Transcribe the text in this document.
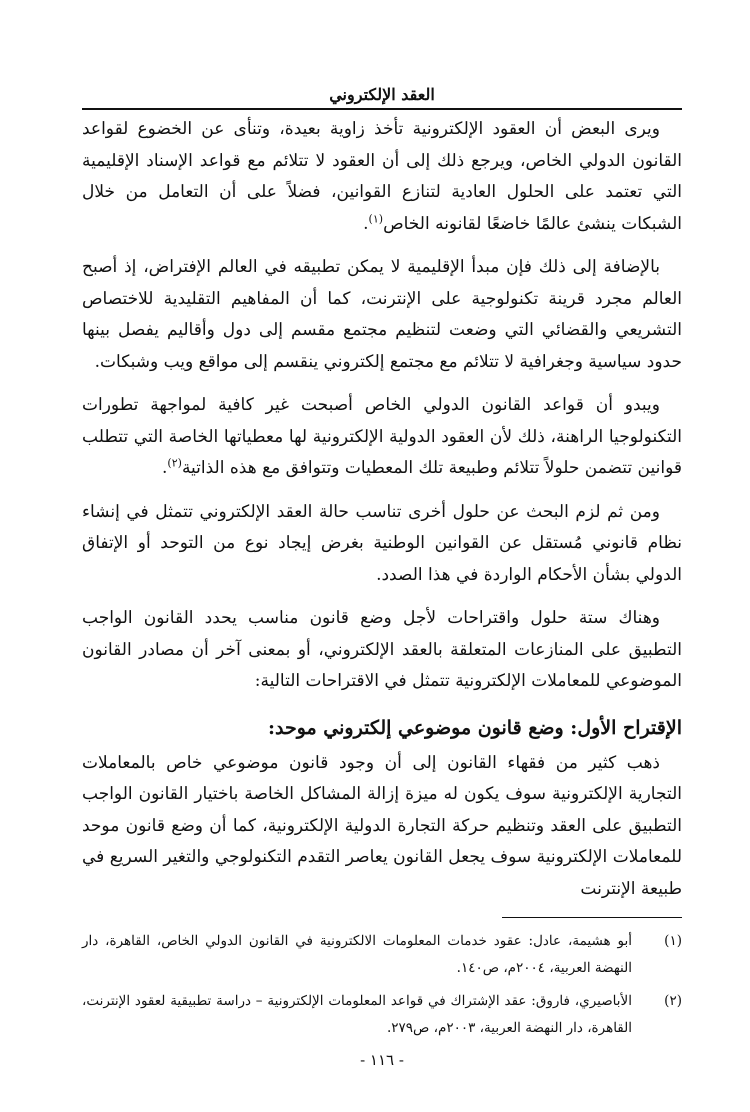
العقد الإلكتروني

ويرى البعض أن العقود الإلكترونية تأخذ زاوية بعيدة، وتنأى عن الخضوع لقواعد القانون الدولي الخاص، ويرجع ذلك إلى أن العقود لا تتلائم مع قواعد الإسناد الإقليمية التي تعتمد على الحلول العادية لتنازع القوانين، فضلاً على أن التعامل من خلال الشبكات ينشئ عالمًا خاضعًا لقانونه الخاص$^{(١)}$.

بالإضافة إلى ذلك فإن مبدأ الإقليمية لا يمكن تطبيقه في العالم الإفتراض، إذ أصبح العالم مجرد قرينة تكنولوجية على الإنترنت، كما أن المفاهيم التقليدية للاختصاص التشريعي والقضائي التي وضعت لتنظيم مجتمع مقسم إلى دول وأقاليم يفصل بينها حدود سياسية وجغرافية لا تتلائم مع مجتمع إلكتروني ينقسم إلى مواقع ويب وشبكات.

ويبدو أن قواعد القانون الدولي الخاص أصبحت غير كافية لمواجهة تطورات التكنولوجيا الراهنة، ذلك لأن العقود الدولية الإلكترونية لها معطياتها الخاصة التي تتطلب قوانين تتضمن حلولاً تتلائم وطبيعة تلك المعطيات وتتوافق مع هذه الذاتية$^{(٢)}$.

ومن ثم لزم البحث عن حلول أخرى تناسب حالة العقد الإلكتروني تتمثل في إنشاء نظام قانوني مُستقل عن القوانين الوطنية بغرض إيجاد نوع من التوحد أو الإتفاق الدولي بشأن الأحكام الواردة في هذا الصدد.

وهناك ستة حلول واقتراحات لأجل وضع قانون مناسب يحدد القانون الواجب التطبيق على المنازعات المتعلقة بالعقد الإلكتروني، أو بمعنى آخر أن مصادر القانون الموضوعي للمعاملات الإلكترونية تتمثل في الاقتراحات التالية:

الإقتراح الأول: وضع قانون موضوعي إلكتروني موحد:

ذهب كثير من فقهاء القانون إلى أن وجود قانون موضوعي خاص بالمعاملات التجارية الإلكترونية سوف يكون له ميزة إزالة المشاكل الخاصة باختيار القانون الواجب التطبيق على العقد وتنظيم حركة التجارة الدولية الإلكترونية، كما أن وضع قانون موحد للمعاملات الإلكترونية سوف يجعل القانون يعاصر التقدم التكنولوجي والتغير السريع في طبيعة الإنترنت

(١)
أبو هشيمة، عادل: عقود خدمات المعلومات الالكترونية في القانون الدولي الخاص، القاهرة، دار النهضة العربية، ٢٠٠٤م، ص١٤٠.
(٢)
الأباصيري، فاروق: عقد الإشتراك في قواعد المعلومات الإلكترونية – دراسة تطبيقية لعقود الإنترنت، القاهرة، دار النهضة العربية، ٢٠٠٣م، ص٢٧٩.
- ١١٦ -
